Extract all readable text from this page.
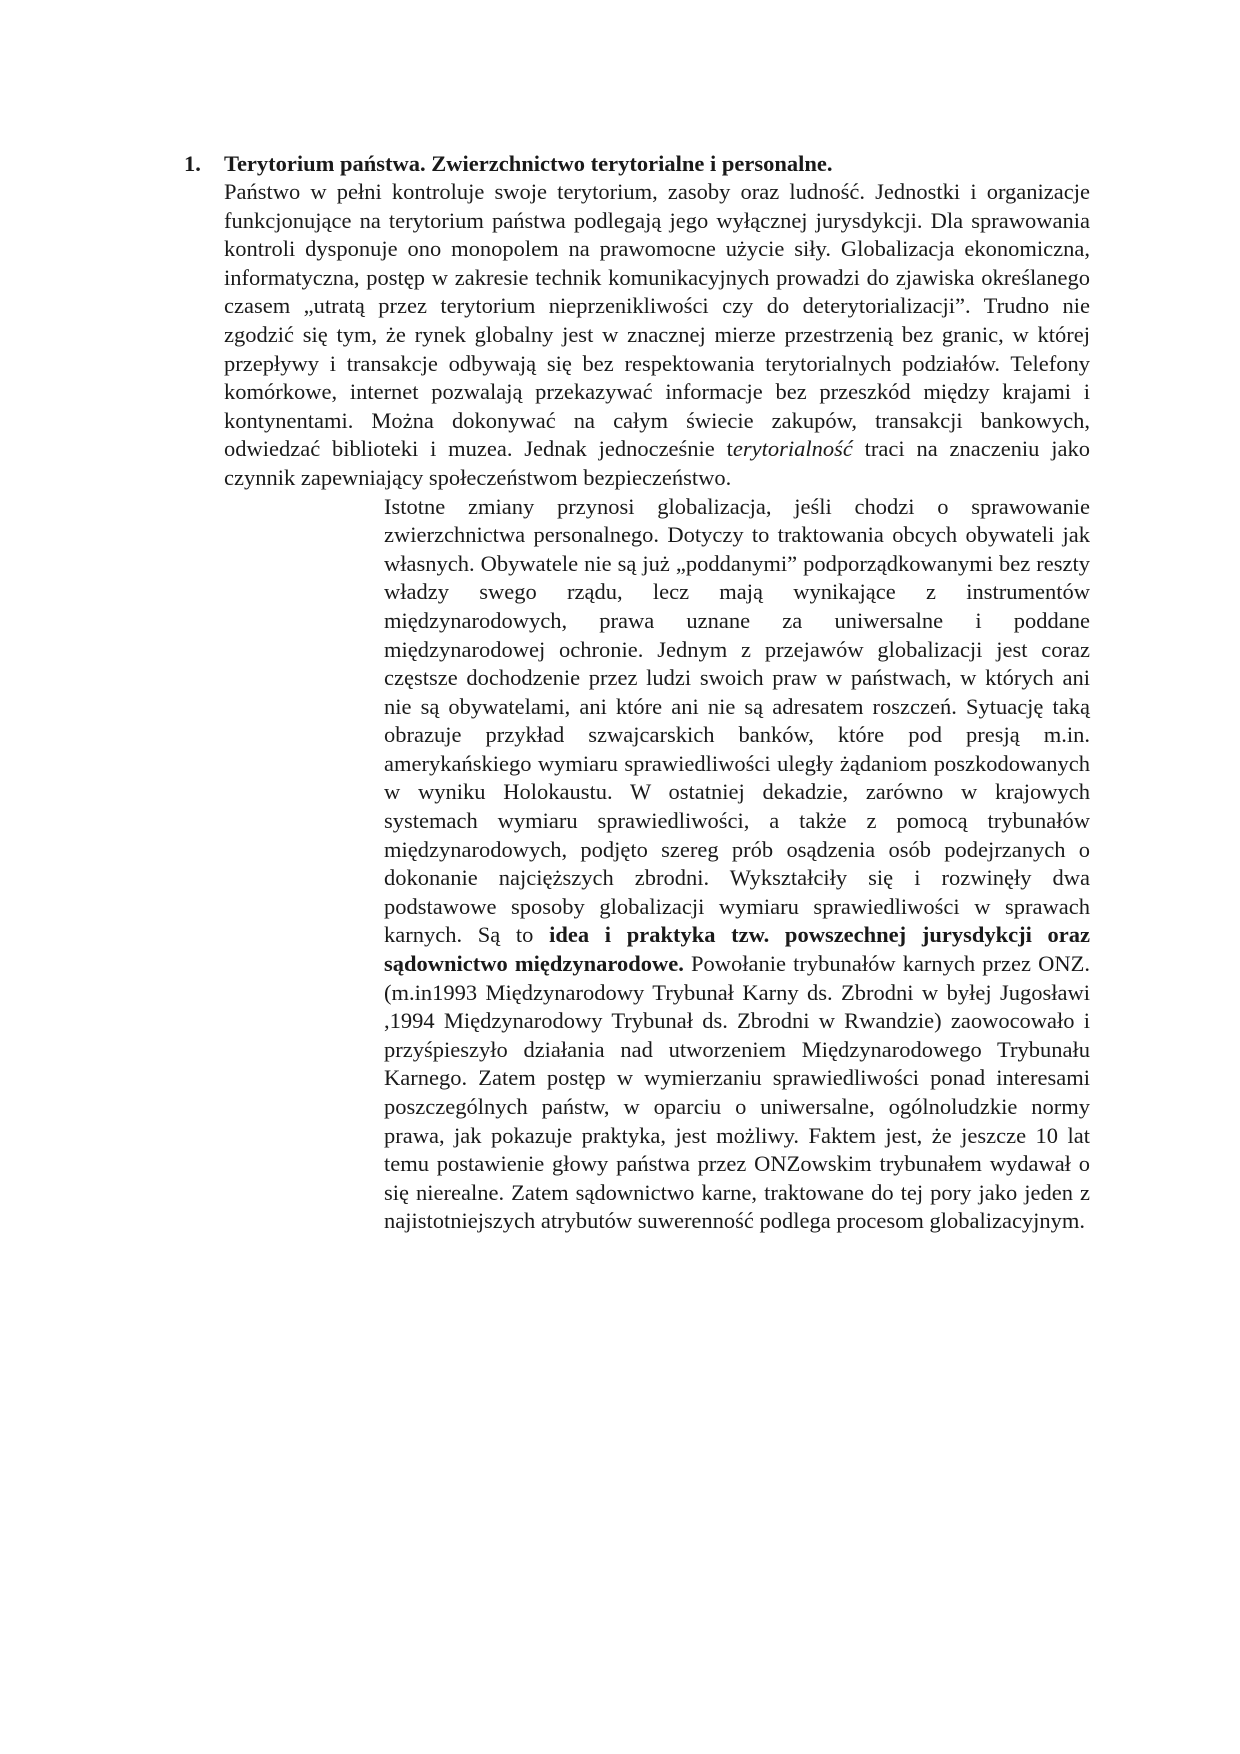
1.	Terytorium państwa. Zwierzchnictwo terytorialne i personalne.

Państwo w pełni kontroluje swoje terytorium, zasoby oraz ludność. Jednostki i organizacje funkcjonujące na terytorium państwa podlegają jego wyłącznej jurysdykcji. Dla sprawowania kontroli dysponuje ono monopolem na prawomocne użycie siły. Globalizacja ekonomiczna, informatyczna, postęp w zakresie technik komunikacyjnych prowadzi do zjawiska określanego czasem „utratą przez terytorium nieprzenikliwości czy do deterytorializacji”. Trudno nie zgodzić się tym, że rynek globalny jest w znacznej mierze przestrzenią bez granic, w której przepływy i transakcje odbywają się bez respektowania terytorialnych podziałów. Telefony komórkowe, internet pozwalają przekazywać informacje bez przeszkód między krajami i kontynentami. Można dokonywać na całym świecie zakupów, transakcji bankowych, odwiedzać biblioteki i muzea. Jednak jednocześnie terytorialność traci na znaczeniu jako czynnik zapewniający społeczeństwom bezpieczeństwo.

Istotne zmiany przynosi globalizacja, jeśli chodzi o sprawowanie zwierzchnictwa personalnego. Dotyczy to traktowania obcych obywateli jak własnych. Obywatele nie są już „poddanymi” podporządkowanymi bez reszty władzy swego rządu, lecz mają wynikające z instrumentów międzynarodowych, prawa uznane za uniwersalne i poddane międzynarodowej ochronie. Jednym z przejawów globalizacji jest coraz częstsze dochodzenie przez ludzi swoich praw w państwach, w których ani nie są obywatelami, ani które ani nie są adresatem roszczeń. Sytuację taką obrazuje przykład szwajcarskich banków, które pod presją m.in. amerykańskiego wymiaru sprawiedliwości uległy żądaniom poszkodowanych w wyniku Holokaustu. W ostatniej dekadzie, zarówno w krajowych systemach wymiaru sprawiedliwości, a także z pomocą trybunałów międzynarodowych, podjęto szereg prób osądzenia osób podejrzanych o dokonanie najcięższych zbrodni. Wykształciły się i rozwinęły dwa podstawowe sposoby globalizacji wymiaru sprawiedliwości w sprawach karnych. Są to idea i praktyka tzw. powszechnej jurysdykcji oraz sądownictwo międzynarodowe. Powołanie trybunałów karnych przez ONZ.(m.in1993 Międzynarodowy Trybunał Karny ds. Zbrodni w byłej Jugosławi ,1994 Międzynarodowy Trybunał ds. Zbrodni w Rwandzie) zaowocowało i przyśpieszyło działania nad utworzeniem Międzynarodowego Trybunału Karnego. Zatem postęp w wymierzaniu sprawiedliwości ponad interesami poszczególnych państw, w oparciu o uniwersalne, ogólnoludzkie normy prawa, jak pokazuje praktyka, jest możliwy. Faktem jest, że jeszcze 10 lat temu postawienie głowy państwa przez ONZowskim trybunałem wydawał o się nierealne. Zatem sądownictwo karne, traktowane do tej pory jako jeden z najistotniejszych atrybutów suwerenność podlega procesom globalizacyjnym.
